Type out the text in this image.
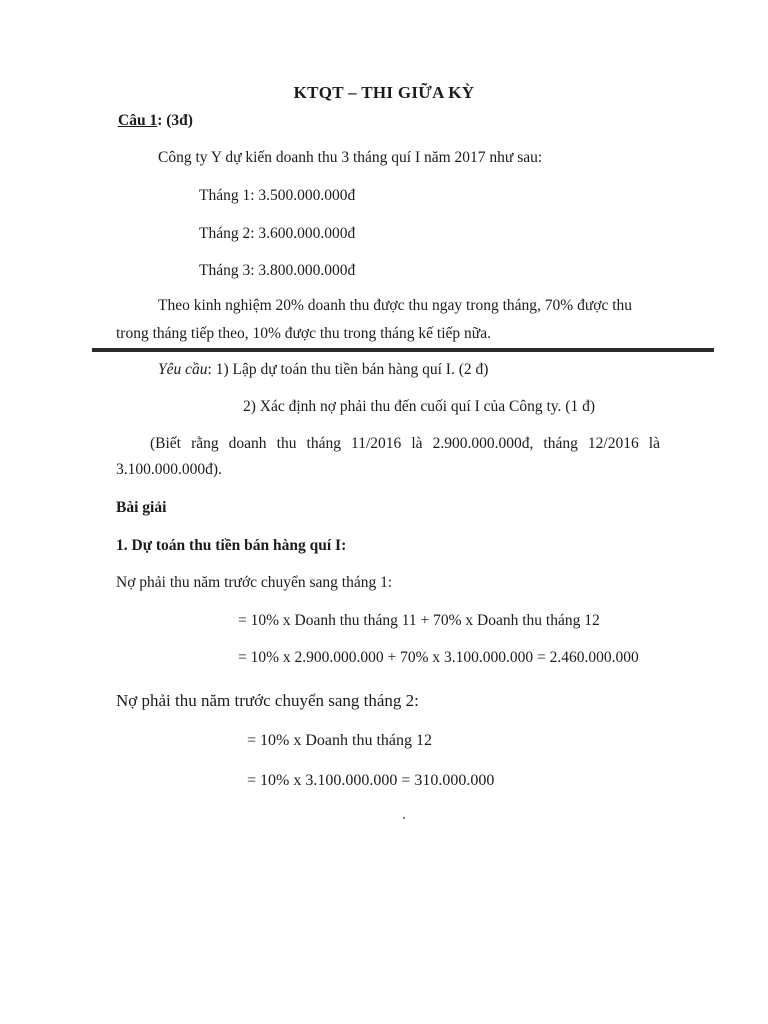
KTQT – THI GIỮA KỲ
Câu 1: (3đ)
Công ty Y dự kiến doanh thu 3 tháng quí I năm 2017 như sau:
Tháng 1: 3.500.000.000đ
Tháng 2: 3.600.000.000đ
Tháng 3: 3.800.000.000đ
Theo kinh nghiệm 20% doanh thu được thu ngay trong tháng, 70% được thu
trong tháng tiếp theo, 10% được thu trong tháng kế tiếp nữa.
Yêu cầu: 1) Lập dự toán thu tiền bán hàng quí I. (2 đ)
2) Xác định nợ phải thu đến cuối quí I của Công ty. (1 đ)
(Biết rằng doanh thu tháng 11/2016 là 2.900.000.000đ, tháng 12/2016 là
3.100.000.000đ).
Bài giải
1. Dự toán thu tiền bán hàng quí I:
Nợ phải thu năm trước chuyển sang tháng 1:
= 10% x Doanh thu tháng 11 + 70% x Doanh thu tháng 12
= 10% x 2.900.000.000 + 70% x 3.100.000.000 = 2.460.000.000
Nợ phải thu năm trước chuyển sang tháng 2:
= 10% x Doanh thu tháng 12
= 10% x 3.100.000.000 = 310.000.000
